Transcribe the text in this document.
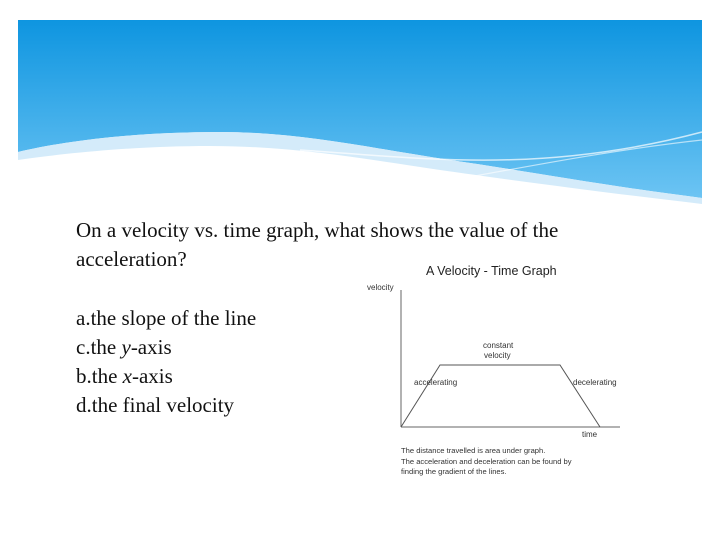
On a velocity vs. time graph, what shows the value of the
acceleration?
a.the slope of the line
c.the y-axis
b.the x-axis
d.the final velocity
A Velocity - Time Graph
velocity
time
constant
velocity
accelerating	decelerating
The distance travelled is area under graph.
The acceleration and deceleration can be found by
finding the gradient of the lines.
